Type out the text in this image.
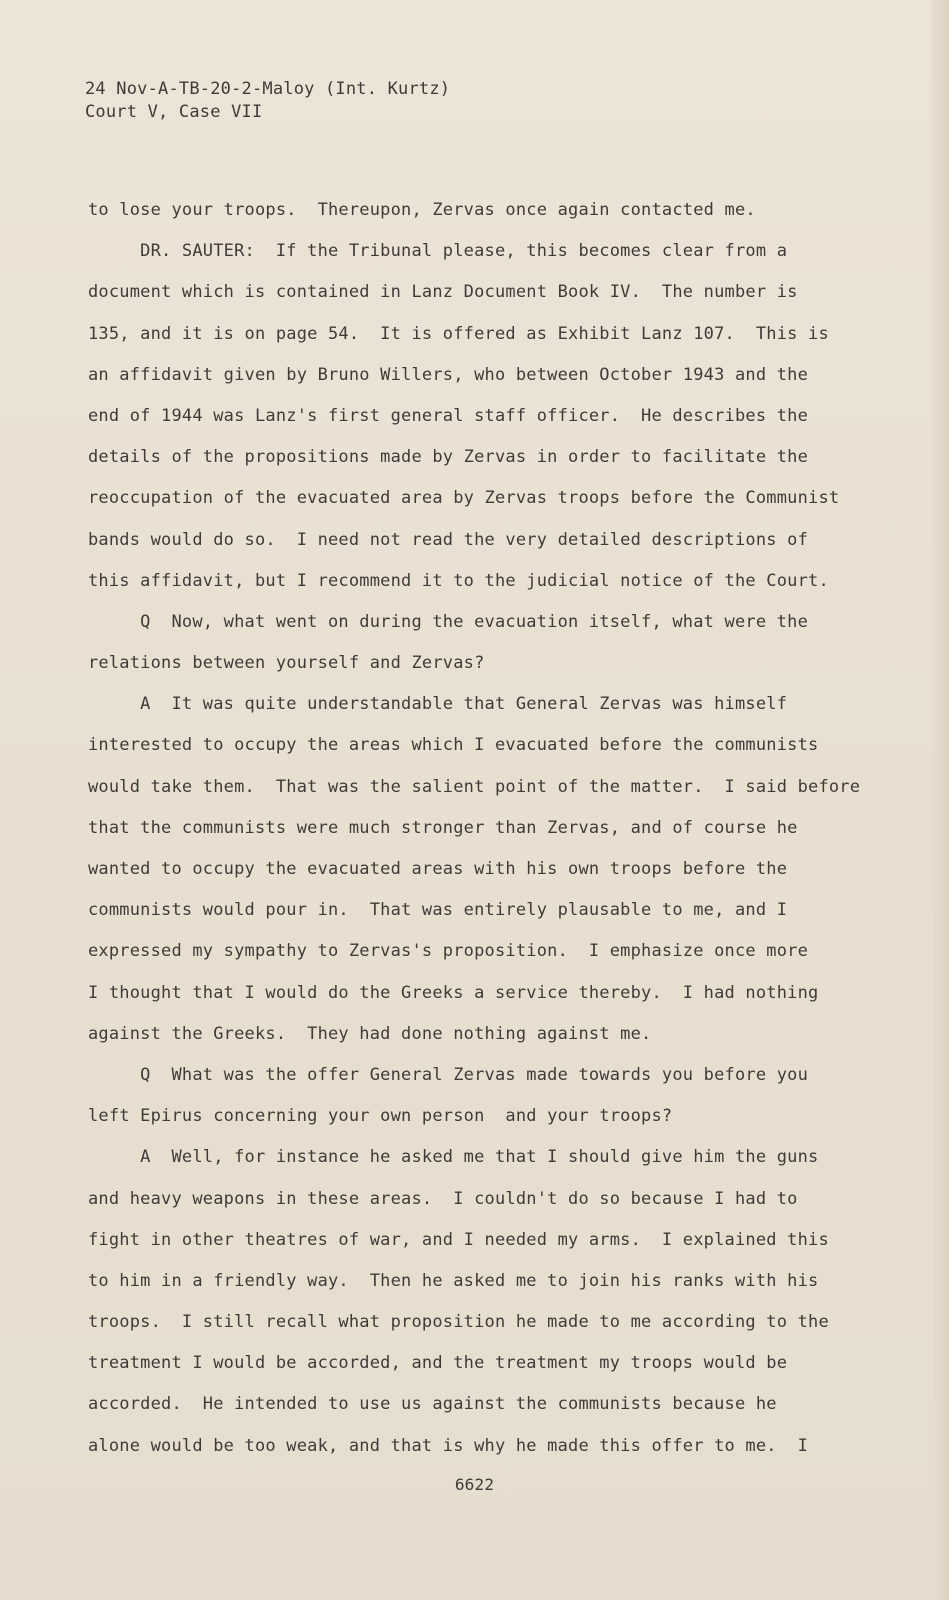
24 Nov-A-TB-20-2-Maloy (Int. Kurtz)
Court V, Case VII
to lose your troops.  Thereupon, Zervas once again contacted me.
DR. SAUTER:  If the Tribunal please, this becomes clear from a
document which is contained in Lanz Document Book IV.  The number is
135, and it is on page 54.  It is offered as Exhibit Lanz 107.  This is
an affidavit given by Bruno Willers, who between October 1943 and the
end of 1944 was Lanz's first general staff officer.  He describes the
details of the propositions made by Zervas in order to facilitate the
reoccupation of the evacuated area by Zervas troops before the Communist
bands would do so.  I need not read the very detailed descriptions of
this affidavit, but I recommend it to the judicial notice of the Court.
Q  Now, what went on during the evacuation itself, what were the
relations between yourself and Zervas?
A  It was quite understandable that General Zervas was himself
interested to occupy the areas which I evacuated before the communists
would take them.  That was the salient point of the matter.  I said before
that the communists were much stronger than Zervas, and of course he
wanted to occupy the evacuated areas with his own troops before the
communists would pour in.  That was entirely plausable to me, and I
expressed my sympathy to Zervas's proposition.  I emphasize once more
I thought that I would do the Greeks a service thereby.  I had nothing
against the Greeks.  They had done nothing against me.
Q  What was the offer General Zervas made towards you before you
left Epirus concerning your own person  and your troops?
A  Well, for instance he asked me that I should give him the guns
and heavy weapons in these areas.  I couldn't do so because I had to
fight in other theatres of war, and I needed my arms.  I explained this
to him in a friendly way.  Then he asked me to join his ranks with his
troops.  I still recall what proposition he made to me according to the
treatment I would be accorded, and the treatment my troops would be
accorded.  He intended to use us against the communists because he
alone would be too weak, and that is why he made this offer to me.  I
6622
